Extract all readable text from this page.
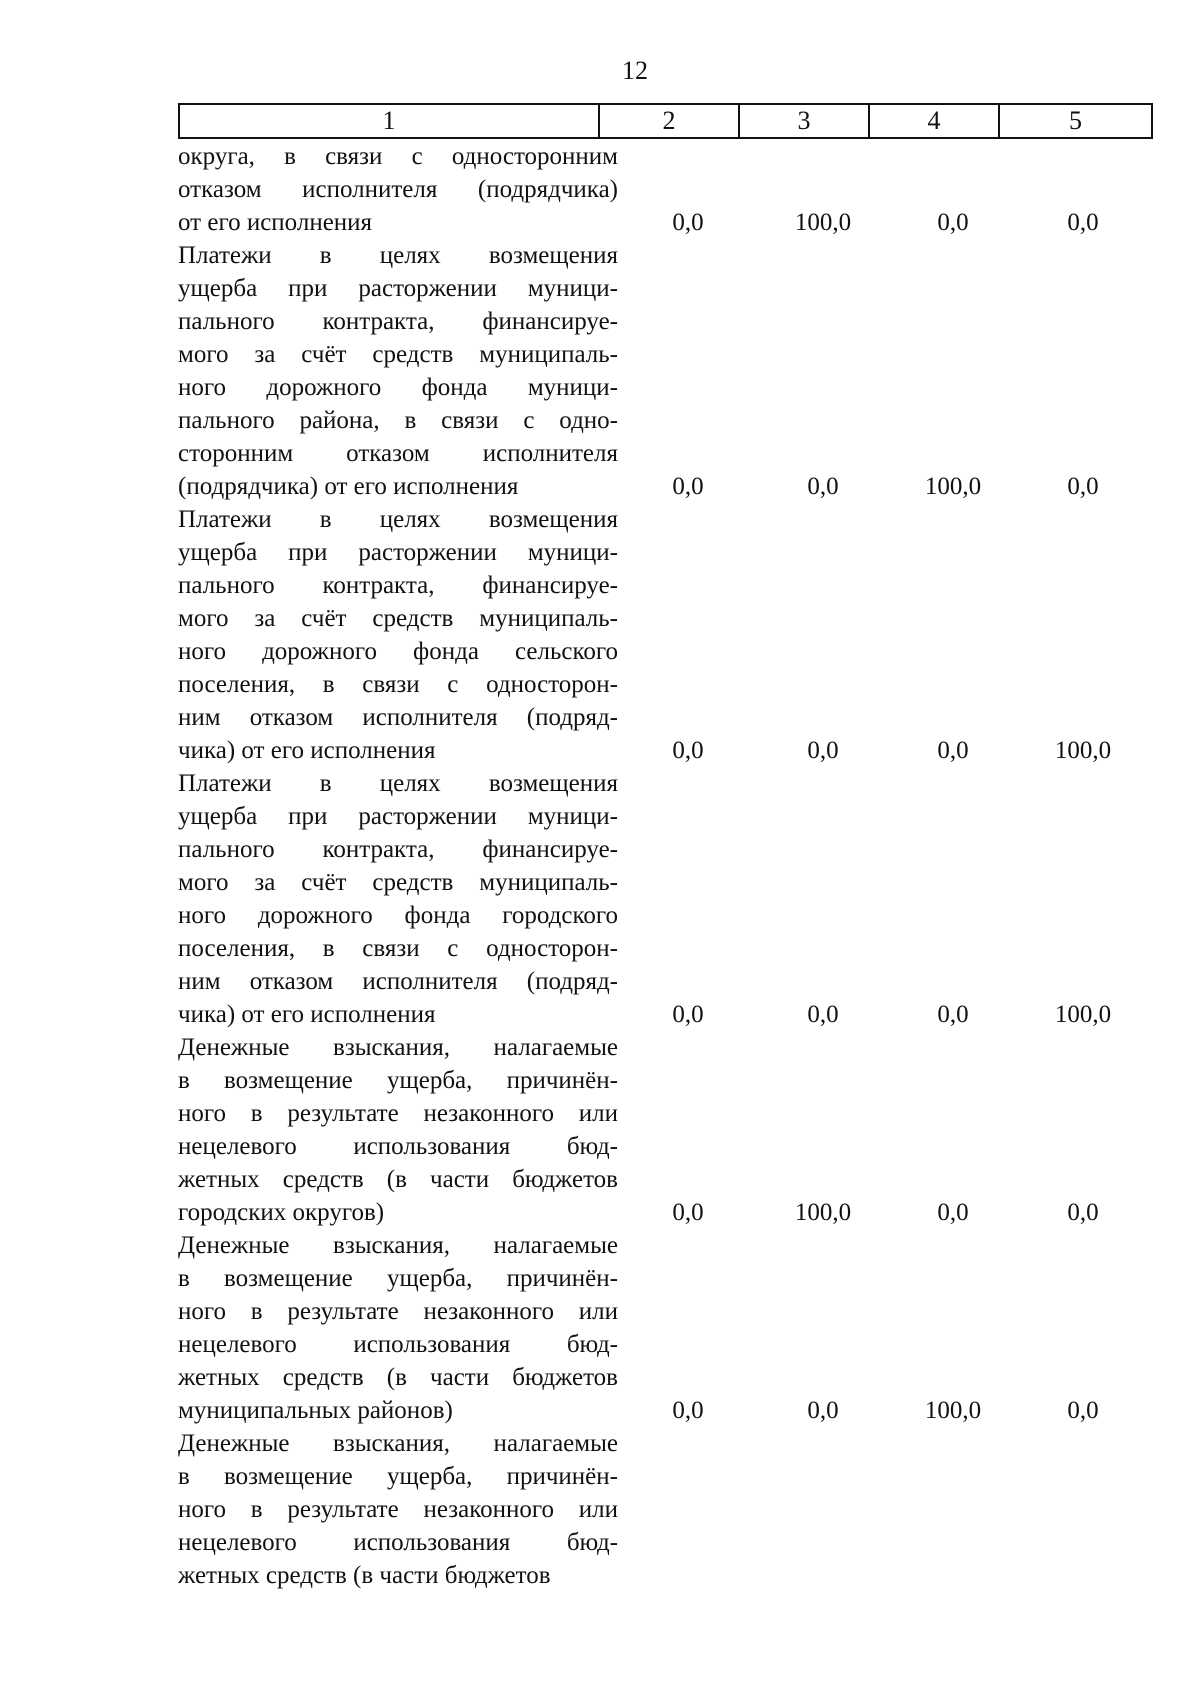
12
1	2	3	4	5
округа, в связи с односторонним
отказом исполнителя (подрядчика)
от его исполнения	0,0	100,0	0,0	0,0
Платежи в целях возмещения
ущерба при расторжении муници-
пального контракта, финансируе-
мого за счёт средств муниципаль-
ного дорожного фонда муници-
пального района, в связи с одно-
сторонним отказом исполнителя
(подрядчика) от его исполнения	0,0	0,0	100,0	0,0
Платежи в целях возмещения
ущерба при расторжении муници-
пального контракта, финансируе-
мого за счёт средств муниципаль-
ного дорожного фонда сельского
поселения, в связи с односторон-
ним отказом исполнителя (подряд-
чика) от его исполнения	0,0	0,0	0,0	100,0
Платежи в целях возмещения
ущерба при расторжении муници-
пального контракта, финансируе-
мого за счёт средств муниципаль-
ного дорожного фонда городского
поселения, в связи с односторон-
ним отказом исполнителя (подряд-
чика) от его исполнения	0,0	0,0	0,0	100,0
Денежные взыскания, налагаемые
в возмещение ущерба, причинён-
ного в результате незаконного или
нецелевого использования бюд-
жетных средств (в части бюджетов
городских округов)	0,0	100,0	0,0	0,0
Денежные взыскания, налагаемые
в возмещение ущерба, причинён-
ного в результате незаконного или
нецелевого использования бюд-
жетных средств (в части бюджетов
муниципальных районов)	0,0	0,0	100,0	0,0
Денежные взыскания, налагаемые
в возмещение ущерба, причинён-
ного в результате незаконного или
нецелевого использования бюд-
жетных средств (в части бюджетов
